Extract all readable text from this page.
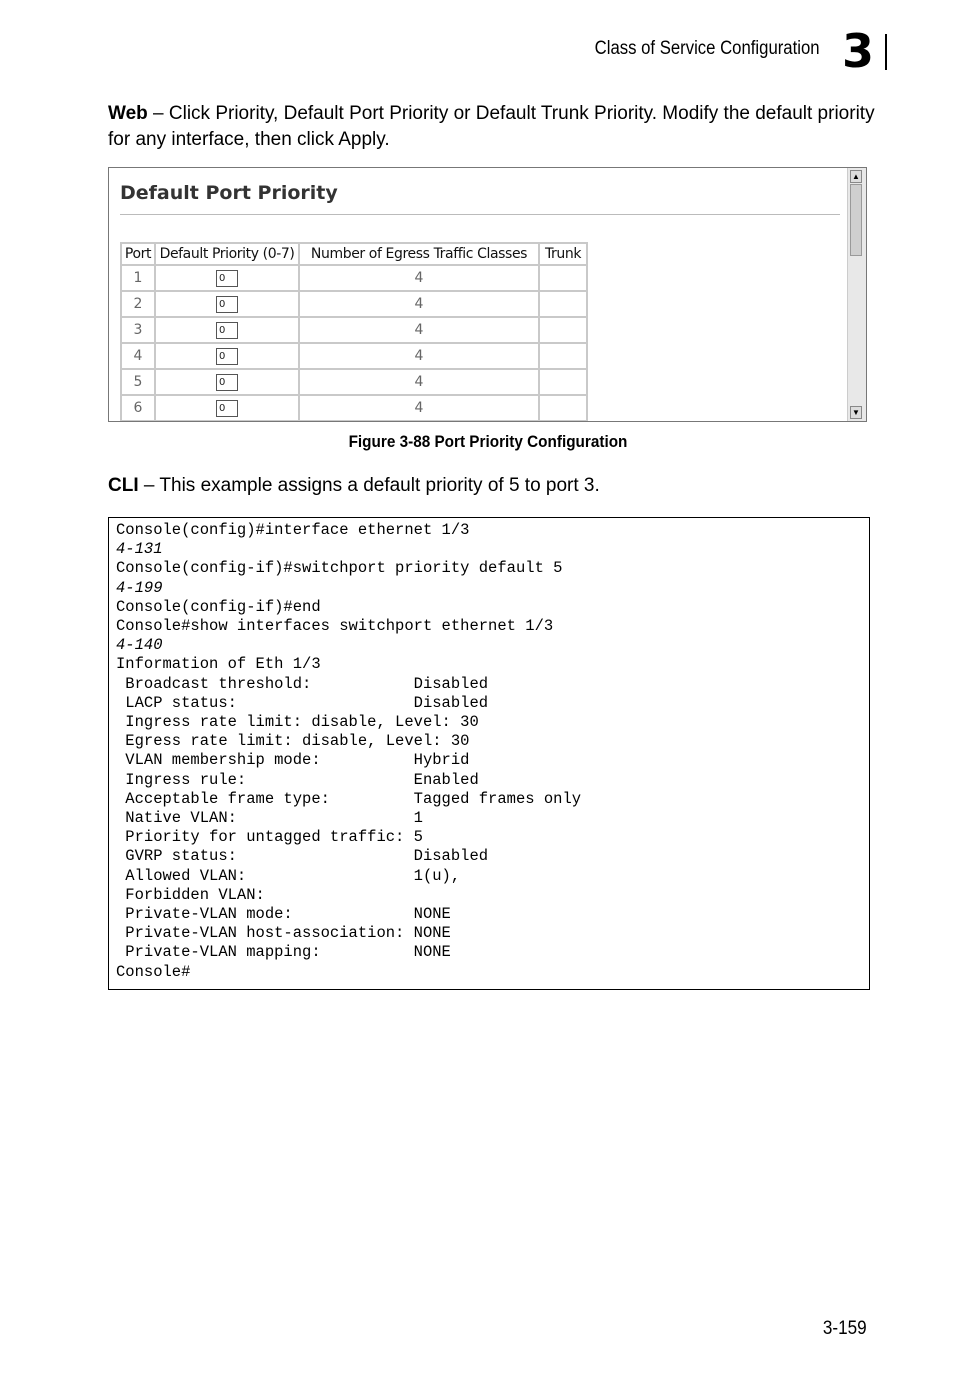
Class of Service Configuration 3
Web – Click Priority, Default Port Priority or Default Trunk Priority. Modify the default priority for any interface, then click Apply.
Default Port Priority
Port	Default Priority (0-7)	Number of Egress Traffic Classes	Trunk
1	0	4	
2	0	4	
3	0	4	
4	0	4	
5	0	4	
6	0	4	
▲
▼
Figure 3-88 Port Priority Configuration
CLI – This example assigns a default priority of 5 to port 3.
Console(config)#interface ethernet 1/3
4-131
Console(config-if)#switchport priority default 5
4-199
Console(config-if)#end
Console#show interfaces switchport ethernet 1/3
4-140
Information of Eth 1/3
Broadcast threshold:           Disabled
LACP status:                   Disabled
Ingress rate limit: disable, Level: 30
Egress rate limit: disable, Level: 30
VLAN membership mode:          Hybrid
Ingress rule:                  Enabled
Acceptable frame type:         Tagged frames only
Native VLAN:                   1
Priority for untagged traffic: 5
GVRP status:                   Disabled
Allowed VLAN:                  1(u),
Forbidden VLAN:
Private-VLAN mode:             NONE
Private-VLAN host-association: NONE
Private-VLAN mapping:          NONE
Console#
3-159
